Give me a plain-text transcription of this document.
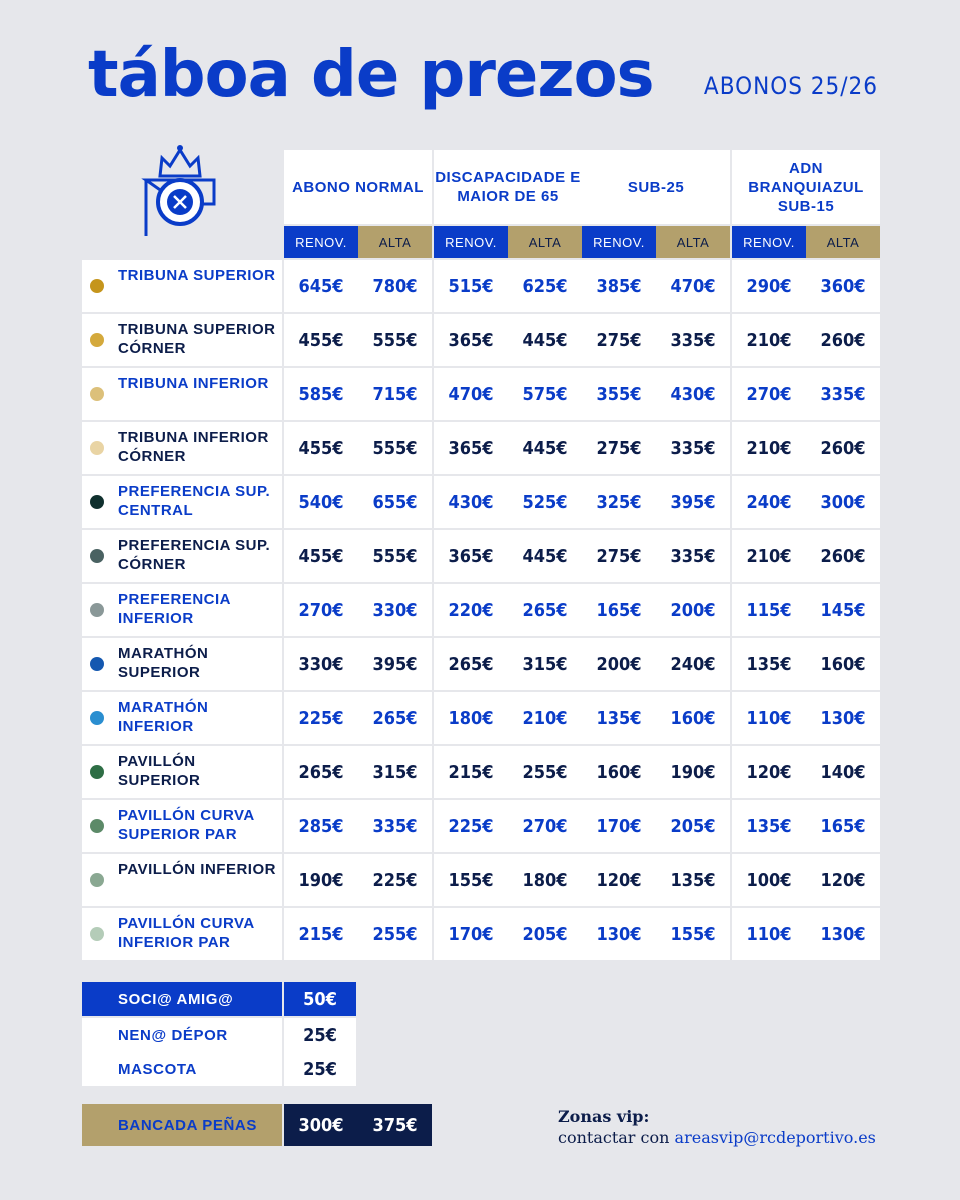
táboa de prezos ABONOS 25/26
ABONO NORMAL
DISCAPACIDADE E MAIOR DE 65
SUB-25
ADN BRANQUIAZUL SUB-15
RENOV.	ALTA	RENOV.	ALTA	RENOV.	ALTA	RENOV.	ALTA
TRIBUNA SUPERIOR	645€	780€	515€	625€	385€	470€	290€	360€
TRIBUNA SUPERIOR CÓRNER	455€	555€	365€	445€	275€	335€	210€	260€
TRIBUNA INFERIOR	585€	715€	470€	575€	355€	430€	270€	335€
TRIBUNA INFERIOR CÓRNER	455€	555€	365€	445€	275€	335€	210€	260€
PREFERENCIA SUP. CENTRAL	540€	655€	430€	525€	325€	395€	240€	300€
PREFERENCIA SUP. CÓRNER	455€	555€	365€	445€	275€	335€	210€	260€
PREFERENCIA INFERIOR	270€	330€	220€	265€	165€	200€	115€	145€
MARATHÓN SUPERIOR	330€	395€	265€	315€	200€	240€	135€	160€
MARATHÓN INFERIOR	225€	265€	180€	210€	135€	160€	110€	130€
PAVILLÓN SUPERIOR	265€	315€	215€	255€	160€	190€	120€	140€
PAVILLÓN CURVA SUPERIOR PAR	285€	335€	225€	270€	170€	205€	135€	165€
PAVILLÓN INFERIOR	190€	225€	155€	180€	120€	135€	100€	120€
PAVILLÓN CURVA INFERIOR PAR	215€	255€	170€	205€	130€	155€	110€	130€
SOCI@ AMIG@	50€
NEN@ DÉPOR	25€
MASCOTA	25€
BANCADA PEÑAS	300€	375€	Zonas vip:
contactar con areasvip@rcdeportivo.es
